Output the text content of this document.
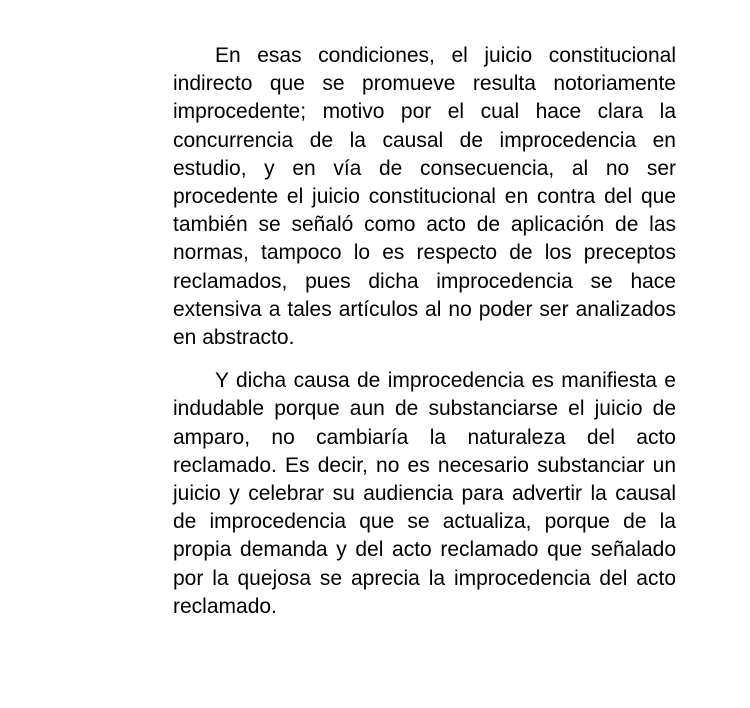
En esas condiciones, el juicio constitucional indirecto que se promueve resulta notoriamente improcedente; motivo por el cual hace clara la concurrencia de la causal de improcedencia en estudio, y en vía de consecuencia, al no ser procedente el juicio constitucional en contra del que también se señaló como acto de aplicación de las normas, tampoco lo es respecto de los preceptos reclamados, pues dicha improcedencia se hace extensiva a tales artículos al no poder ser analizados en abstracto.

Y dicha causa de improcedencia es manifiesta e indudable porque aun de substanciarse el juicio de amparo, no cambiaría la naturaleza del acto reclamado. Es decir, no es necesario substanciar un juicio y celebrar su audiencia para advertir la causal de improcedencia que se actualiza, porque de la propia demanda y del acto reclamado que señalado por la quejosa se aprecia la improcedencia del acto reclamado.
